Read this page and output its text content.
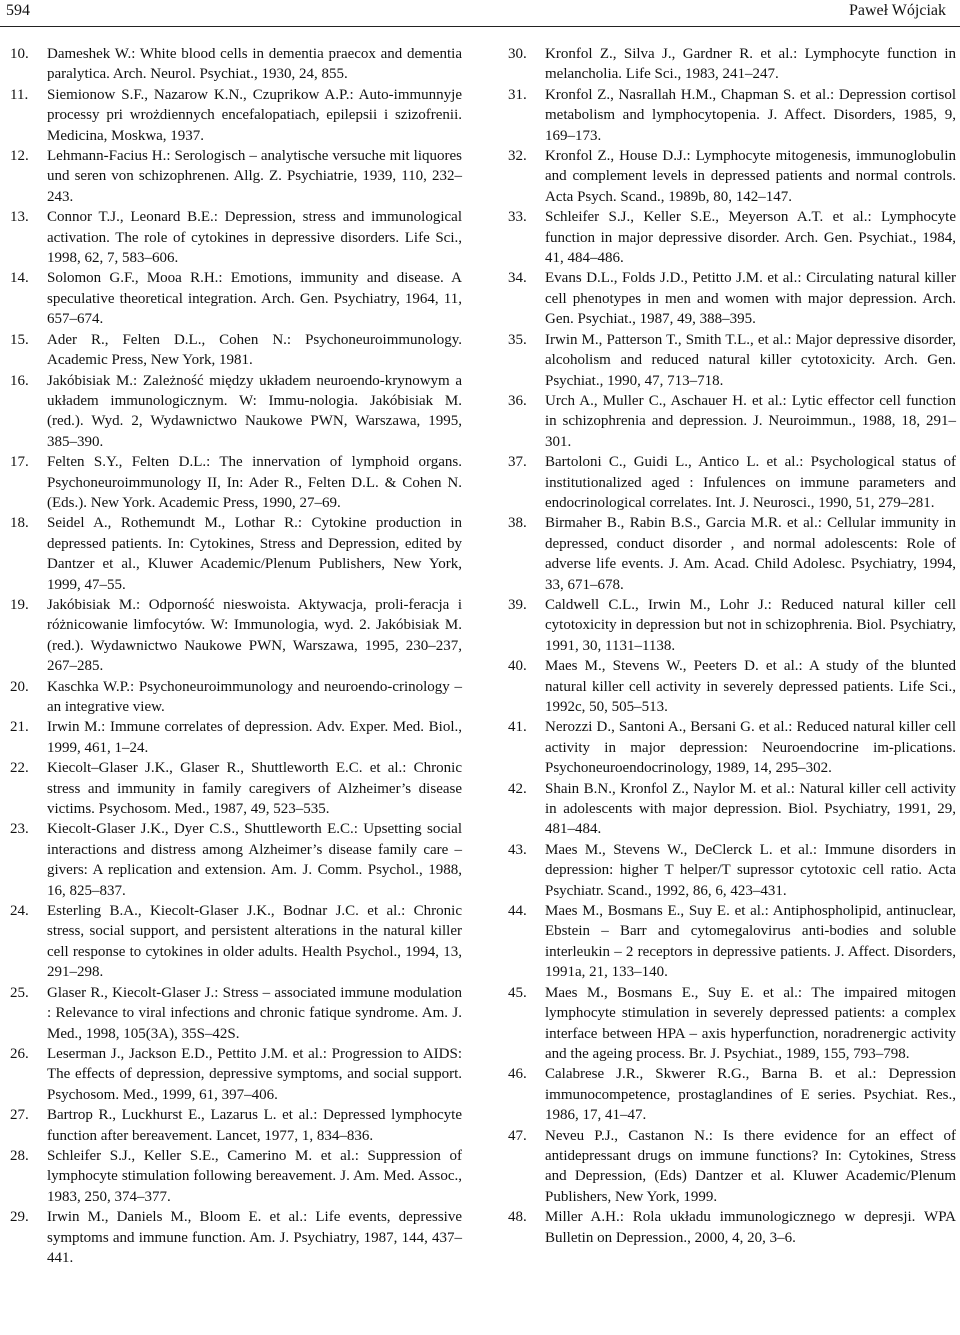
594	Paweł Wójciak
10. Dameshek W.: White blood cells in dementia praecox and dementia paralytica. Arch. Neurol. Psychiat., 1930, 24, 855.
11. Siemionow S.F., Nazarow K.N., Czuprikow A.P.: Auto-immunnyje processy pri wrożdiennych encefalopatiach, epilepsii i szizofrenii. Medicina, Moskwa, 1937.
12. Lehmann-Facius H.: Serologisch – analytische versuche mit liquores und seren von schizophrenen. Allg. Z. Psychiatrie, 1939, 110, 232–243.
13. Connor T.J., Leonard B.E.: Depression, stress and immunological activation. The role of cytokines in depressive disorders. Life Sci., 1998, 62, 7, 583–606.
14. Solomon G.F., Mooa R.H.: Emotions, immunity and disease. A speculative theoretical integration. Arch. Gen. Psychiatry, 1964, 11, 657–674.
15. Ader R., Felten D.L., Cohen N.: Psychoneuroimmunology. Academic Press, New York, 1981.
16. Jakóbisiak M.: Zależność między układem neuroendo-krynowym a układem immunologicznym. W: Immu-nologia. Jakóbisiak M. (red.). Wyd. 2, Wydawnictwo Naukowe PWN, Warszawa, 1995, 385–390.
17. Felten S.Y., Felten D.L.: The innervation of lymphoid organs. Psychoneuroimmunology II, In: Ader R., Felten D.L. & Cohen N. (Eds.). New York. Academic Press, 1990, 27–69.
18. Seidel A., Rothemundt M., Lothar R.: Cytokine production in depressed patients. In: Cytokines, Stress and Depression, edited by Dantzer et al., Kluwer Academic/Plenum Publishers, New York, 1999, 47–55.
19. Jakóbisiak M.: Odporność nieswoista. Aktywacja, proli-feracja i różnicowanie limfocytów. W: Immunologia, wyd. 2. Jakóbisiak M. (red.). Wydawnictwo Naukowe PWN, Warszawa, 1995, 230–237, 267–285.
20. Kaschka W.P.: Psychoneuroimmunology and neuroendo-crinology – an integrative view.
21. Irwin M.: Immune correlates of depression. Adv. Exper. Med. Biol., 1999, 461, 1–24.
22. Kiecolt–Glaser J.K., Glaser R., Shuttleworth E.C. et al.: Chronic stress and immunity in family caregivers of Alzheimer’s disease victims. Psychosom. Med., 1987, 49, 523–535.
23. Kiecolt-Glaser J.K., Dyer C.S., Shuttleworth E.C.: Upsetting social interactions and distress among Alzheimer’s disease family care – givers: A replication and extension. Am. J. Comm. Psychol., 1988, 16, 825–837.
24. Esterling B.A., Kiecolt-Glaser J.K., Bodnar J.C. et al.: Chronic stress, social support, and persistent alterations in the natural killer cell response to cytokines in older adults. Health Psychol., 1994, 13, 291–298.
25. Glaser R., Kiecolt-Glaser J.: Stress – associated immune modulation : Relevance to viral infections and chronic fatique syndrome. Am. J. Med., 1998, 105(3A), 35S–42S.
26. Leserman J., Jackson E.D., Pettito J.M. et al.: Progression to AIDS: The effects of depression, depressive symptoms, and social support. Psychosom. Med., 1999, 61, 397–406.
27. Bartrop R., Luckhurst E., Lazarus L. et al.: Depressed lymphocyte function after bereavement. Lancet, 1977, 1, 834–836.
28. Schleifer S.J., Keller S.E., Camerino M. et al.: Suppression of lymphocyte stimulation following bereavement. J. Am. Med. Assoc., 1983, 250, 374–377.
29. Irwin M., Daniels M., Bloom E. et al.: Life events, depressive symptoms and immune function. Am. J. Psychiatry, 1987, 144, 437–441.
30. Kronfol Z., Silva J., Gardner R. et al.: Lymphocyte function in melancholia. Life Sci., 1983, 241–247.
31. Kronfol Z., Nasrallah H.M., Chapman S. et al.: Depression cortisol metabolism and lymphocytopenia. J. Affect. Disorders, 1985, 9, 169–173.
32. Kronfol Z., House D.J.: Lymphocyte mitogenesis, immunoglobulin and complement levels in depressed patients and normal controls. Acta Psych. Scand., 1989b, 80, 142–147.
33. Schleifer S.J., Keller S.E., Meyerson A.T. et al.: Lymphocyte function in major depressive disorder. Arch. Gen. Psychiat., 1984, 41, 484–486.
34. Evans D.L., Folds J.D., Petitto J.M. et al.: Circulating natural killer cell phenotypes in men and women with major depression. Arch. Gen. Psychiat., 1987, 49, 388–395.
35. Irwin M., Patterson T., Smith T.L., et al.: Major depressive disorder, alcoholism and reduced natural killer cytotoxicity. Arch. Gen. Psychiat., 1990, 47, 713–718.
36. Urch A., Muller C., Aschauer H. et al.: Lytic effector cell function in schizophrenia and depression. J. Neuroimmun., 1988, 18, 291–301.
37. Bartoloni C., Guidi L., Antico L. et al.: Psychological status of institutionalized aged : Infulences on immune parameters and endocrinological correlates. Int. J. Neurosci., 1990, 51, 279–281.
38. Birmaher B., Rabin B.S., Garcia M.R. et al.: Cellular immunity in depressed, conduct disorder , and normal adolescents: Role of adverse life events. J. Am. Acad. Child Adolesc. Psychiatry, 1994, 33, 671–678.
39. Caldwell C.L., Irwin M., Lohr J.: Reduced natural killer cell cytotoxicity in depression but not in schizophrenia. Biol. Psychiatry, 1991, 30, 1131–1138.
40. Maes M., Stevens W., Peeters D. et al.: A study of the blunted natural killer cell activity in severely depressed patients. Life Sci., 1992c, 50, 505–513.
41. Nerozzi D., Santoni A., Bersani G. et al.: Reduced natural killer cell activity in major depression: Neuroendocrine im-plications. Psychoneuroendocrinology, 1989, 14, 295–302.
42. Shain B.N., Kronfol Z., Naylor M. et al.: Natural killer cell activity in adolescents with major depression. Biol. Psychiatry, 1991, 29, 481–484.
43. Maes M., Stevens W., DeClerck L. et al.: Immune disorders in depression: higher T helper/T supressor cytotoxic cell ratio. Acta Psychiatr. Scand., 1992, 86, 6, 423–431.
44. Maes M., Bosmans E., Suy E. et al.: Antiphospholipid, antinuclear, Ebstein – Barr and cytomegalovirus anti-bodies and soluble interleukin – 2 receptors in depressive patients. J. Affect. Disorders, 1991a, 21, 133–140.
45. Maes M., Bosmans E., Suy E. et al.: The impaired mitogen lymphocyte stimulation in severely depressed patients: a complex interface between HPA – axis hyperfunction, noradrenergic activity and the ageing process. Br. J. Psychiat., 1989, 155, 793–798.
46. Calabrese J.R., Skwerer R.G., Barna B. et al.: Depression immunocompetence, prostaglandines of E series. Psychiat. Res., 1986, 17, 41–47.
47. Neveu P.J., Castanon N.: Is there evidence for an effect of antidepressant drugs on immune functions? In: Cytokines, Stress and Depression, (Eds) Dantzer et al. Kluwer Academic/Plenum Publishers, New York, 1999.
48. Miller A.H.: Rola układu immunologicznego w depresji. WPA Bulletin on Depression., 2000, 4, 20, 3–6.
